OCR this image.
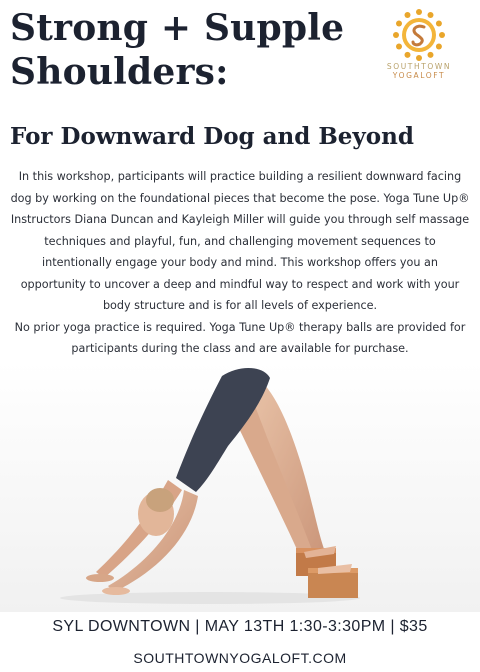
Strong + Supple
Shoulders:	SOUTHTOWN
YOGALOFT
For Downward Dog and Beyond

In this workshop, participants will practice building a resilient downward facing dog by working on the foundational pieces that become the pose. Yoga Tune Up® Instructors Diana Duncan and Kayleigh Miller will guide you through self massage techniques and playful, fun, and challenging movement sequences to intentionally engage your body and mind. This workshop offers you an opportunity to uncover a deep and mindful way to respect and work with your body structure and is for all levels of experience.

No prior yoga practice is required. Yoga Tune Up® therapy balls are provided for participants during the class and are available for purchase.

SYL DOWNTOWN | MAY 13TH 1:30-3:30PM | $35
SOUTHTOWNYOGALOFT.COM
